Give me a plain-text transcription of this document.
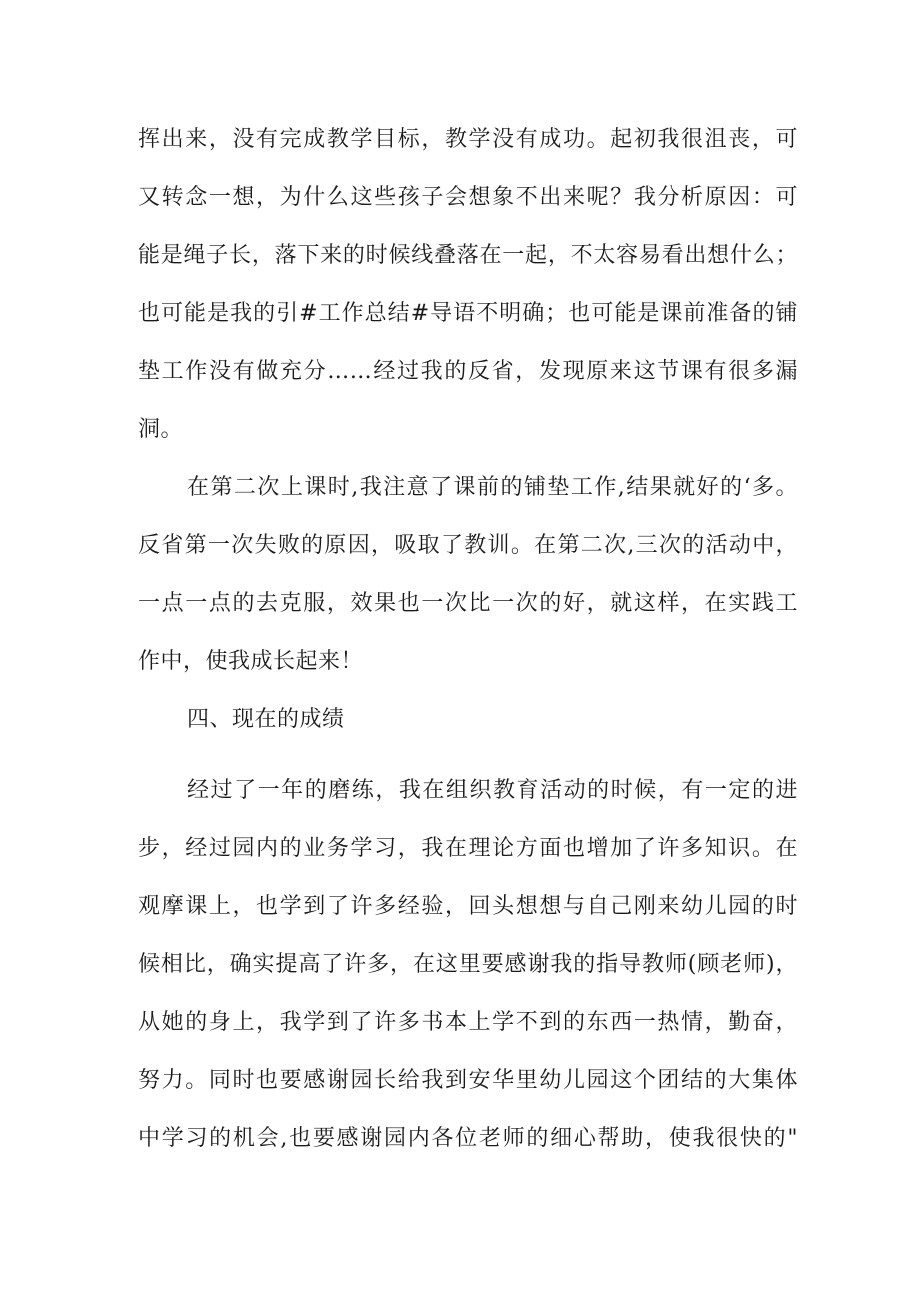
挥出来，没有完成教学目标，教学没有成功。起初我很沮丧，可
又转念一想，为什么这些孩子会想象不出来呢？我分析原因：可
能是绳子长，落下来的时候线叠落在一起，不太容易看出想什么；
也可能是我的引#工作总结#导语不明确；也可能是课前准备的铺
垫工作没有做充分……经过我的反省，发现原来这节课有很多漏
洞。
在第二次上课时,我注意了课前的铺垫工作,结果就好的‘多。
反省第一次失败的原因，吸取了教训。在第二次,三次的活动中，
一点一点的去克服，效果也一次比一次的好，就这样，在实践工
作中，使我成长起来！
四、现在的成绩
经过了一年的磨练，我在组织教育活动的时候，有一定的进
步，经过园内的业务学习，我在理论方面也增加了许多知识。在
观摩课上，也学到了许多经验，回头想想与自己刚来幼儿园的时
候相比，确实提高了许多，在这里要感谢我的指导教师(顾老师)，
从她的身上，我学到了许多书本上学不到的东西一热情，勤奋，
努力。同时也要感谢园长给我到安华里幼儿园这个团结的大集体
中学习的机会,也要感谢园内各位老师的细心帮助，使我很快的"
